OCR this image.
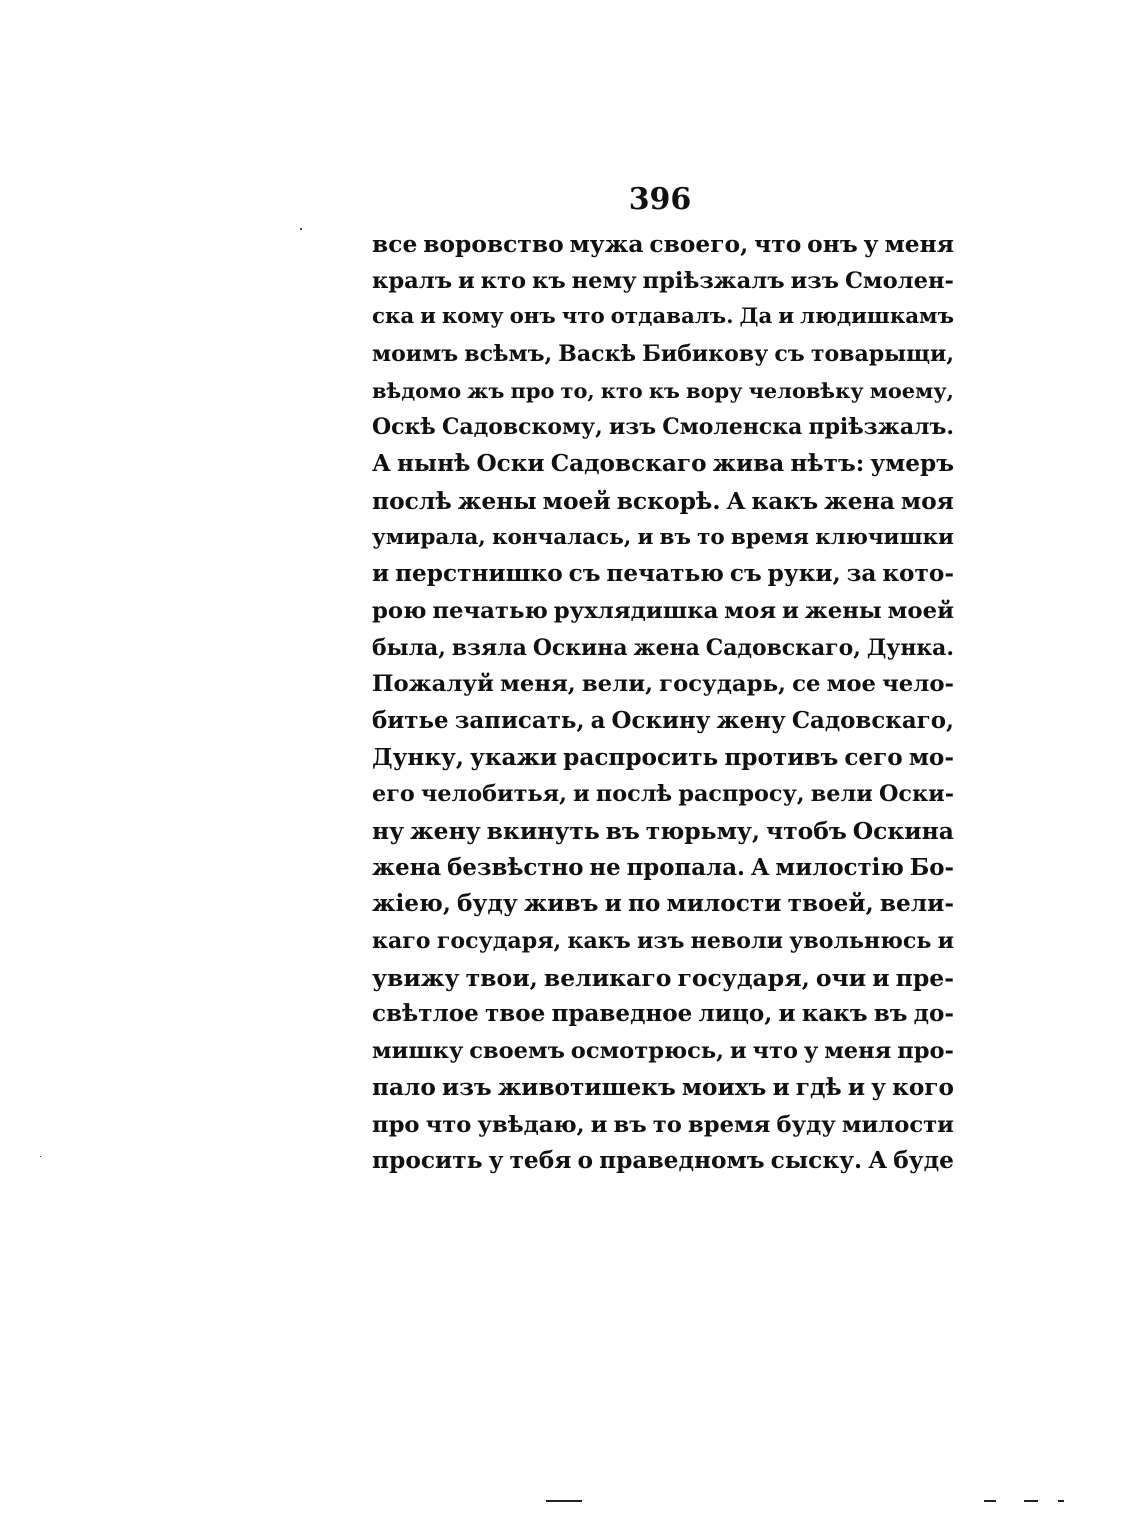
396
все воровство мужа своего, что онъ у меня
кралъ и кто къ нему прiѣзжалъ изъ Смолен-
ска и кому онъ что отдавалъ. Да и людишкамъ
моимъ всѣмъ, Васкѣ Бибикову съ товарыщи,
вѣдомо жъ про то, кто къ вору человѣку моему,
Оскѣ Садовскому, изъ Смоленска прiѣзжалъ.
А нынѣ Оски Садовскаго жива нѣтъ: умеръ
послѣ жены моей вскорѣ. А какъ жена моя
умирала, кончалась, и въ то время ключишки
и перстнишко съ печатью съ руки, за кото-
рою печатью рухлядишка моя и жены моей
была, взяла Оскина жена Садовскаго, Дунка.
Пожалуй меня, вели, государь, се мое чело-
битье записать, а Оскину жену Садовскаго,
Дунку, укажи распросить противъ сего мо-
его челобитья, и послѣ распросу, вели Оски-
ну жену вкинуть въ тюрьму, чтобъ Оскина
жена безвѣстно не пропала. А милостiю Бо-
жiею, буду живъ и по милости твоей, вели-
каго государя, какъ изъ неволи увольнюсь и
увижу твои, великаго государя, очи и пре-
свѣтлое твое праведное лицо, и какъ въ до-
мишку своемъ осмотрюсь, и что у меня про-
пало изъ животишекъ моихъ и гдѣ и у кого
про что увѣдаю, и въ то время буду милости
просить у тебя о праведномъ сыску. А буде
